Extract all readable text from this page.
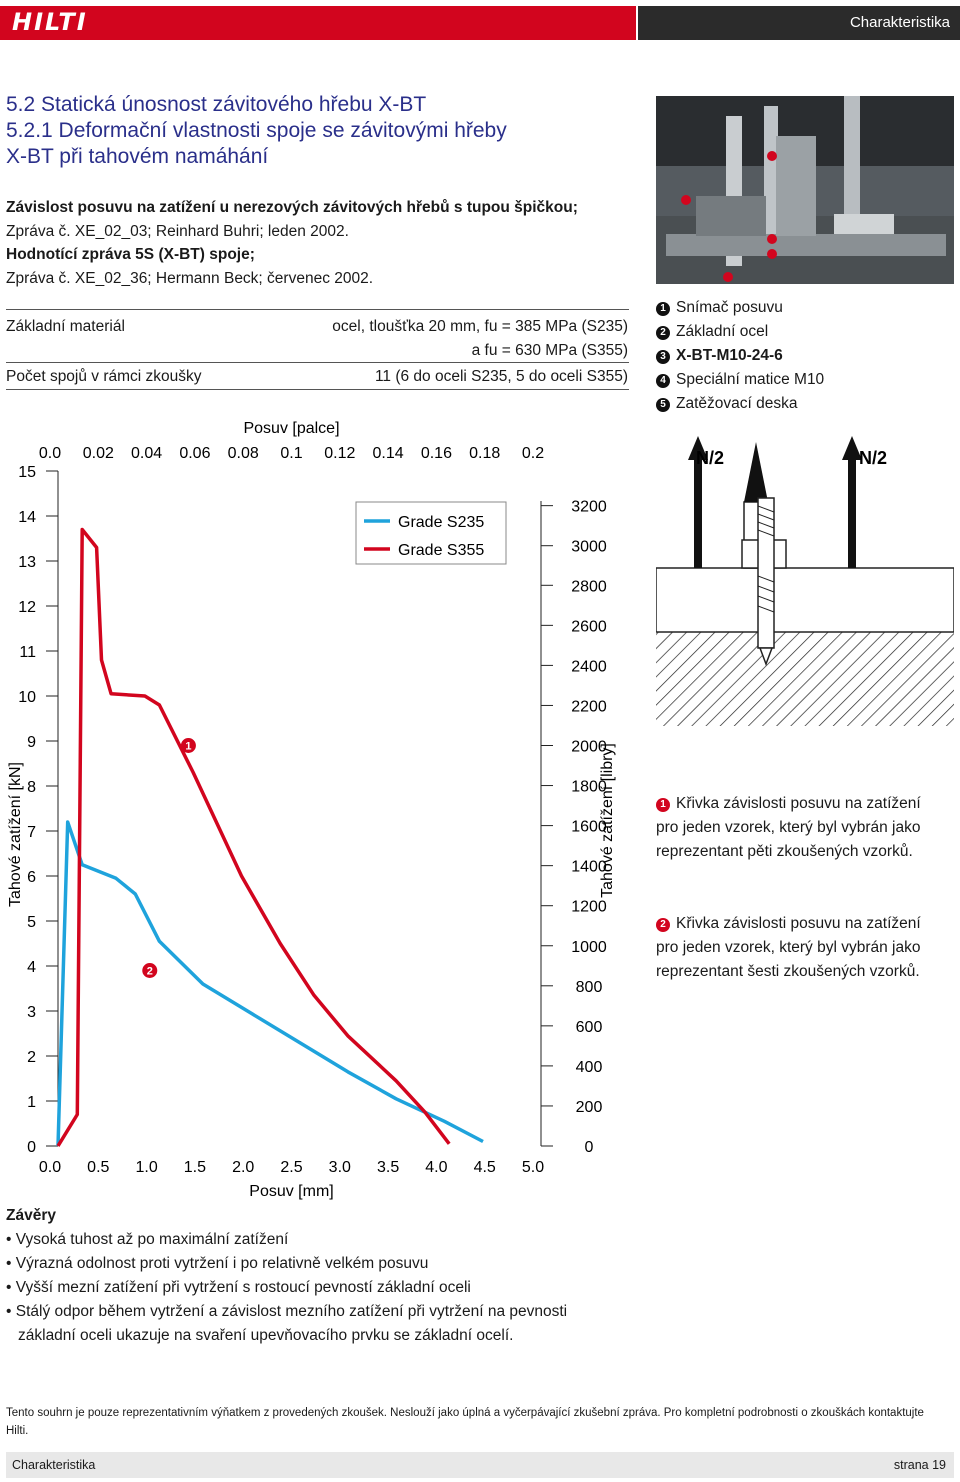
HILTI	Charakteristika
5.2 Statická únosnost závitového hřebu X-BT
5.2.1 Deformační vlastnosti spoje se závitovými hřeby
X-BT při tahovém namáhání
Závislost posuvu na zatížení u nerezových závitových hřebů s tupou špičkou;
Zpráva č. XE_02_03; Reinhard Buhri; leden 2002.
Hodnotící zpráva 5S (X-BT) spoje;
Zpráva č. XE_02_36; Hermann Beck; červenec 2002.
Základní materiál	ocel, tloušťka 20 mm, fu = 385 MPa (S235)
a fu = 630 MPa (S355)
Počet spojů v rámci zkoušky	11 (6 do oceli S235, 5 do oceli S355)
1 Snímač posuvu
2 Základní ocel
3 X-BT-M10-24-6
4 Speciální matice M10
5 Zatěžovací deska
N/2	N/2
0
1
2
3
4
5
6
7
8
9
10
11
12
13
14
15
0
200
400
600
800
1000
1200
1400
1600
1800
2000
2200
2400
2600
2800
3000
3200
0.0 0.5 1.0 1.5 2.0 2.5 3.0 3.5 4.0 4.5 5.0
0.0 0.02 0.04 0.06 0.08 0.1 0.12 0.14 0.16 0.18 0.2
Posuv [mm]
Posuv [palce]
Tahové zatížení [kN]	Tahové zatížení [libry]
Grade S235
Grade S355
1
2
1 Křivka závislosti posuvu na zatížení pro jeden vzorek, který byl vybrán jako reprezentant pěti zkoušených vzorků.
2 Křivka závislosti posuvu na zatížení pro jeden vzorek, který byl vybrán jako reprezentant šesti zkoušených vzorků.
Závěry
• Vysoká tuhost až po maximální zatížení
• Výrazná odolnost proti vytržení i po relativně velkém posuvu
• Vyšší mezní zatížení při vytržení s rostoucí pevností základní oceli
• Stálý odpor během vytržení a závislost mezního zatížení při vytržení na pevnosti
základní oceli ukazuje na svaření upevňovacího prvku se základní ocelí.
Tento souhrn je pouze reprezentativním výňatkem z provedených zkoušek. Neslouží jako úplná a vyčerpávající zkušební zpráva. Pro kompletní podrobnosti o zkouškách kontaktujte Hilti.
Charakteristika	strana 19
